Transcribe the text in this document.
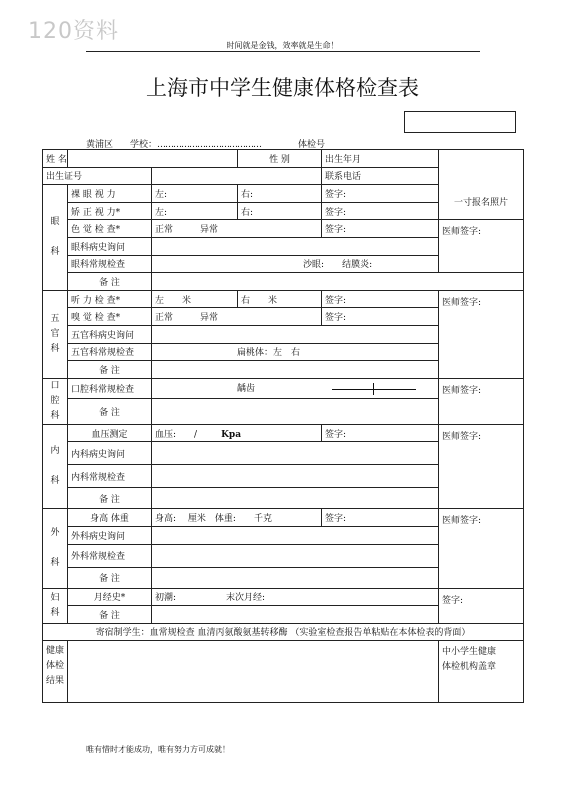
120资料
时间就是金钱，效率就是生命！
上海市中学生健康体格检查表
黄浦区 学校：…………………………………	体检号
姓 名			性 别	出生年月	一寸报名照片
出生证号				联系电话	
眼

科	裸 眼 视 力	左:	右:	签字:	
	矫 正 视 力*	左:	右:	签字:	
	色 觉 检 查*	正常　　　 异常		签字:	医师签字:
	眼科病史询问				
	眼科常规检查	沙眼:　　 结膜炎:			
	备 注				
五
官
科	听 力 检 查*	左　　米	右　　米	签字:	医师签字:
	嗅 觉 检 查*	正常　　　 异常		签字:	
	五官科病史询问				
	五官科常规检查	扁桃体：左　右			
	备 注				
口
腔
科	口腔科常规检查	龋齿			医师签字:
	备 注				
内

科	血压测定	血压: / Kpa		签字:	医师签字:
	内科病史询问				
	内科常规检查				
	备 注				
外

科	身高 体重	身高:　 厘米　 体重:　　千克		签字:	医师签字:
	外科病史询问				
	外科常规检查				
	备 注				
妇
科	月经史*	初潮: 末次月经:			签字:
	备 注				
寄宿制学生：血常规检查 血清丙氨酸氨基转移酶 （实验室检查报告单粘贴在本体检表的背面）					
健康
体检
结果					中小学生健康
体检机构盖章
唯有惜时才能成功，唯有努力方可成就！
